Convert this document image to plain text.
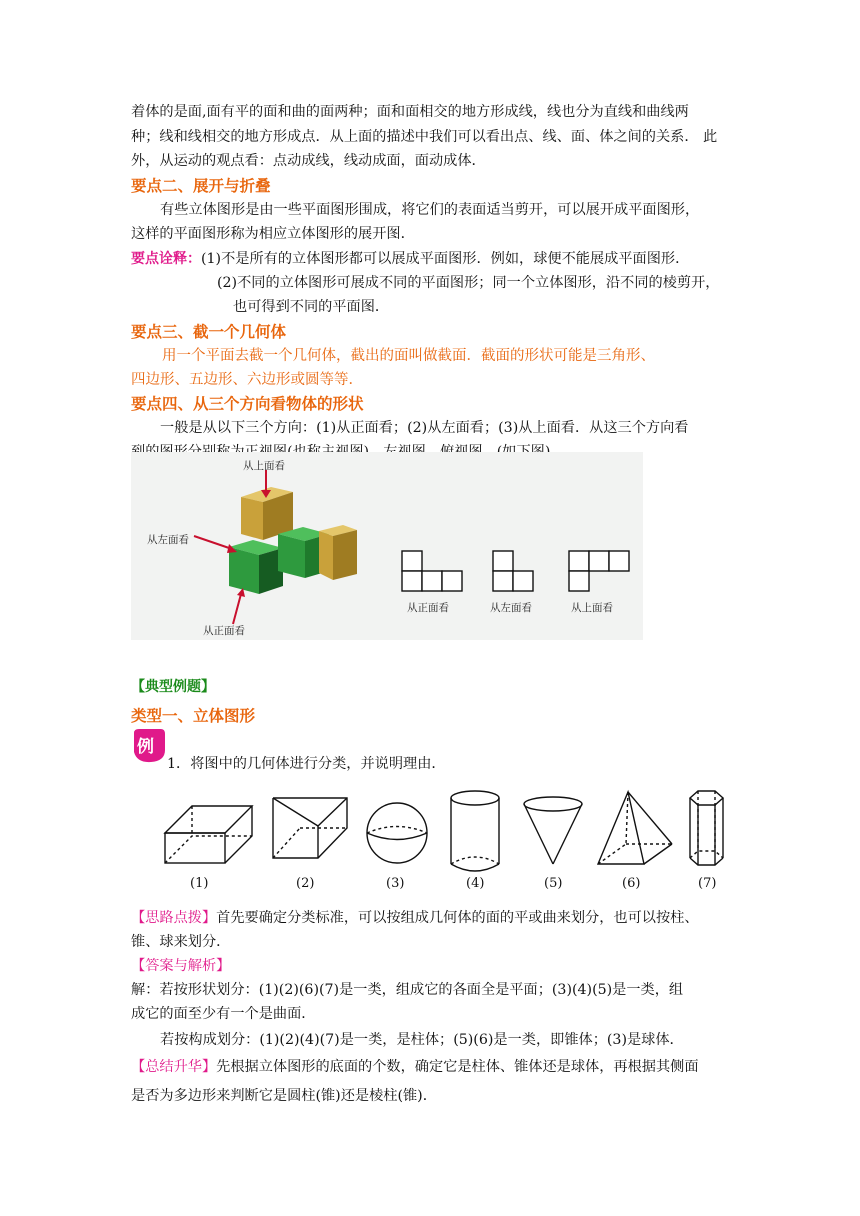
着体的是面,面有平的面和曲的面两种；面和面相交的地方形成线，线也分为直线和曲线两
种；线和线相交的地方形成点．从上面的描述中我们可以看出点、线、面、体之间的关系． 此
外，从运动的观点看：点动成线，线动成面，面动成体．
要点二、展开与折叠
有些立体图形是由一些平面图形围成，将它们的表面适当剪开，可以展开成平面图形，
这样的平面图形称为相应立体图形的展开图．
要点诠释：(1)不是所有的立体图形都可以展成平面图形．例如，球便不能展成平面图形．
(2)不同的立体图形可展成不同的平面图形；同一个立体图形，沿不同的棱剪开，
也可得到不同的平面图．
要点三、截一个几何体
用一个平面去截一个几何体，截出的面叫做截面．截面的形状可能是三角形、
四边形、五边形、六边形或圆等等．
要点四、从三个方向看物体的形状
一般是从以下三个方向：(1)从正面看；(2)从左面看；(3)从上面看．从这三个方向看
从上面看
从左面看
从正面看
从正面看	从左面看	从上面看
【典型例题】
类型一、立体图形
例
1．将图中的几何体进行分类，并说明理由．
(1)	(2)	(3)	(4)	(5)	(6)	(7)
【思路点拨】首先要确定分类标准，可以按组成几何体的面的平或曲来划分，也可以按柱、
锥、球来划分．
【答案与解析】
解：若按形状划分：(1)(2)(6)(7)是一类，组成它的各面全是平面；(3)(4)(5)是一类，组
成它的面至少有一个是曲面．
若按构成划分：(1)(2)(4)(7)是一类，是柱体；(5)(6)是一类，即锥体；(3)是球体．
【总结升华】先根据立体图形的底面的个数，确定它是柱体、锥体还是球体，再根据其侧面
是否为多边形来判断它是圆柱(锥)还是棱柱(锥)．
